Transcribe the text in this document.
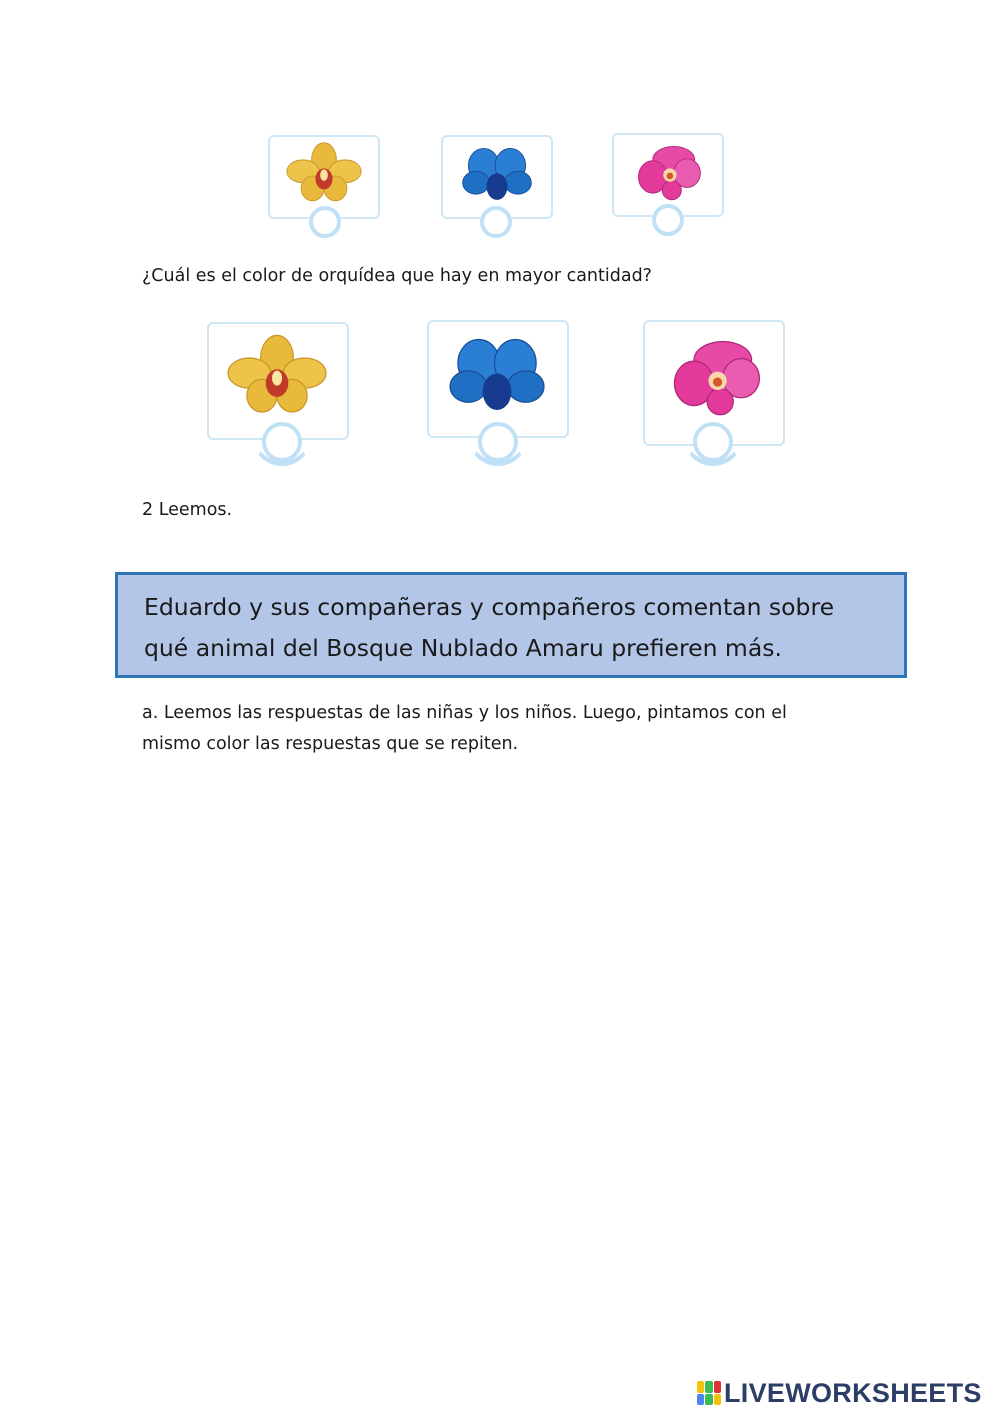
¿Cuál es el color de orquídea que hay en mayor cantidad?
2 Leemos.
Eduardo y sus compañeras y compañeros comentan sobre
qué animal del Bosque Nublado Amaru prefieren más.
a. Leemos las respuestas de las niñas y los niños. Luego, pintamos con el
mismo color las respuestas que se repiten.
LIVEWORKSHEETS
